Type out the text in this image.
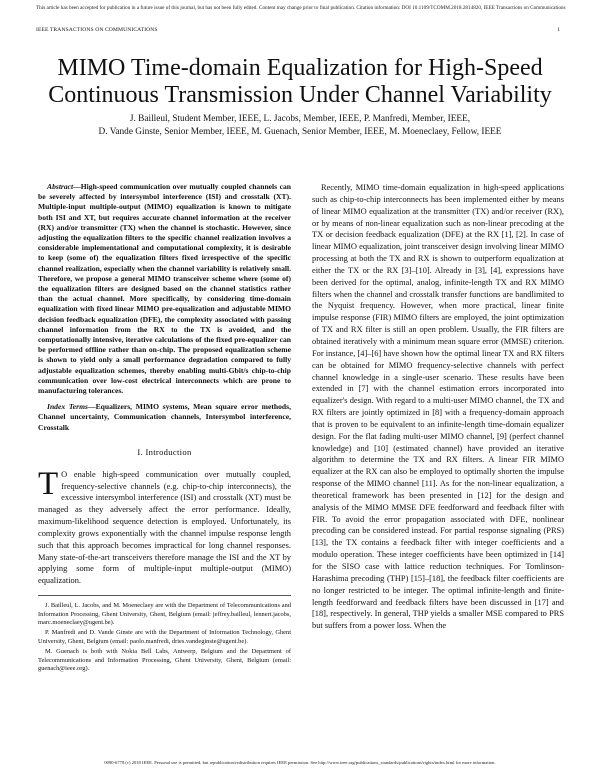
This article has been accepted for publication in a future issue of this journal, but has not been fully edited. Content may change prior to final publication. Citation information: DOI 10.1109/TCOMM.2018.2814820, IEEE Transactions on Communications
IEEE TRANSACTIONS ON COMMUNICATIONS	1
MIMO Time-domain Equalization for High-Speed Continuous Transmission Under Channel Variability
J. Bailleul, Student Member, IEEE, L. Jacobs, Member, IEEE, P. Manfredi, Member, IEEE,
D. Vande Ginste, Senior Member, IEEE, M. Guenach, Senior Member, IEEE, M. Moeneclaey, Fellow, IEEE

Abstract—High-speed communication over mutually coupled channels can be severely affected by intersymbol interference (ISI) and crosstalk (XT). Multiple-input multiple-output (MIMO) equalization is known to mitigate both ISI and XT, but requires accurate channel information at the receiver (RX) and/or transmitter (TX) when the channel is stochastic. However, since adjusting the equalization filters to the specific channel realization involves a considerable implementational and computational complexity, it is desirable to keep (some of) the equalization filters fixed irrespective of the specific channel realization, especially when the channel variability is relatively small. Therefore, we propose a general MIMO transceiver scheme where (some of) the equalization filters are designed based on the channel statistics rather than the actual channel. More specifically, by considering time-domain equalization with fixed linear MIMO pre-equalization and adjustable MIMO decision feedback equalization (DFE), the complexity associated with passing channel information from the RX to the TX is avoided, and the computationally intensive, iterative calculations of the fixed pre-equalizer can be performed offline rather than on-chip. The proposed equalization scheme is shown to yield only a small performance degradation compared to fully adjustable equalization schemes, thereby enabling multi-Gbit/s chip-to-chip communication over low-cost electrical interconnects which are prone to manufacturing tolerances.

Index Terms—Equalizers, MIMO systems, Mean square error methods, Channel uncertainty, Communication channels, Intersymbol interference, Crosstalk

I. Introduction

T O enable high-speed communication over mutually coupled, frequency-selective channels (e.g. chip-to-chip interconnects), the excessive intersymbol interference (ISI) and crosstalk (XT) must be managed as they adversely affect the error performance. Ideally, maximum-likelihood sequence detection is employed. Unfortunately, its complexity grows exponentially with the channel impulse response length such that this approach becomes impractical for long channel responses. Many state-of-the-art transceivers therefore manage the ISI and the XT by applying some form of multiple-input multiple-output (MIMO) equalization.

J. Bailleul, L. Jacobs, and M. Moeneclaey are with the Department of Telecommunications and Information Processing, Ghent University, Ghent, Belgium (email: jeffrey.bailleul, lennert.jacobs, marc.moeneclaey@ugent.be).

P. Manfredi and D. Vande Ginste are with the Department of Information Technology, Ghent University, Ghent, Belgium (email: paolo.manfredi, dries.vandeginste@ugent.be).

M. Guenach is both with Nokia Bell Labs, Antwerp, Belgium and the Department of Telecommunications and Information Processing, Ghent University, Ghent, Belgium (email: guenach@ieee.org).

Recently, MIMO time-domain equalization in high-speed applications such as chip-to-chip interconnects has been implemented either by means of linear MIMO equalization at the transmitter (TX) and/or receiver (RX), or by means of non-linear equalization such as non-linear precoding at the TX or decision feedback equalization (DFE) at the RX [1], [2]. In case of linear MIMO equalization, joint transceiver design involving linear MIMO processing at both the TX and RX is shown to outperform equalization at either the TX or the RX [3]–[10]. Already in [3], [4], expressions have been derived for the optimal, analog, infinite-length TX and RX MIMO filters when the channel and crosstalk transfer functions are bandlimited to the Nyquist frequency. However, when more practical, linear finite impulse response (FIR) MIMO filters are employed, the joint optimization of TX and RX filter is still an open problem. Usually, the FIR filters are obtained iteratively with a minimum mean square error (MMSE) criterion. For instance, [4]–[6] have shown how the optimal linear TX and RX filters can be obtained for MIMO frequency-selective channels with perfect channel knowledge in a single-user scenario. These results have been extended in [7] with the channel estimation errors incorporated into equalizer's design. With regard to a multi-user MIMO channel, the TX and RX filters are jointly optimized in [8] with a frequency-domain approach that is proven to be equivalent to an infinite-length time-domain equalizer design. For the flat fading multi-user MIMO channel, [9] (perfect channel knowledge) and [10] (estimated channel) have provided an iterative algorithm to determine the TX and RX filters. A linear FIR MIMO equalizer at the RX can also be employed to optimally shorten the impulse response of the MIMO channel [11]. As for the non-linear equalization, a theoretical framework has been presented in [12] for the design and analysis of the MIMO MMSE DFE feedforward and feedback filter with FIR. To avoid the error propagation associated with DFE, nonlinear precoding can be considered instead. For partial response signaling (PRS) [13], the TX contains a feedback filter with integer coefficients and a modulo operation. These integer coefficients have been optimized in [14] for the SISO case with lattice reduction techniques. For Tomlinson-Harashima precoding (THP) [15]–[18], the feedback filter coefficients are no longer restricted to be integer. The optimal infinite-length and finite-length feedforward and feedback filters have been discussed in [17] and [18], respectively. In general, THP yields a smaller MSE compared to PRS but suffers from a power loss. When the

0090-6778 (c) 2018 IEEE. Personal use is permitted, but republication/redistribution requires IEEE permission. See http://www.ieee.org/publications_standards/publications/rights/index.html for more information.
